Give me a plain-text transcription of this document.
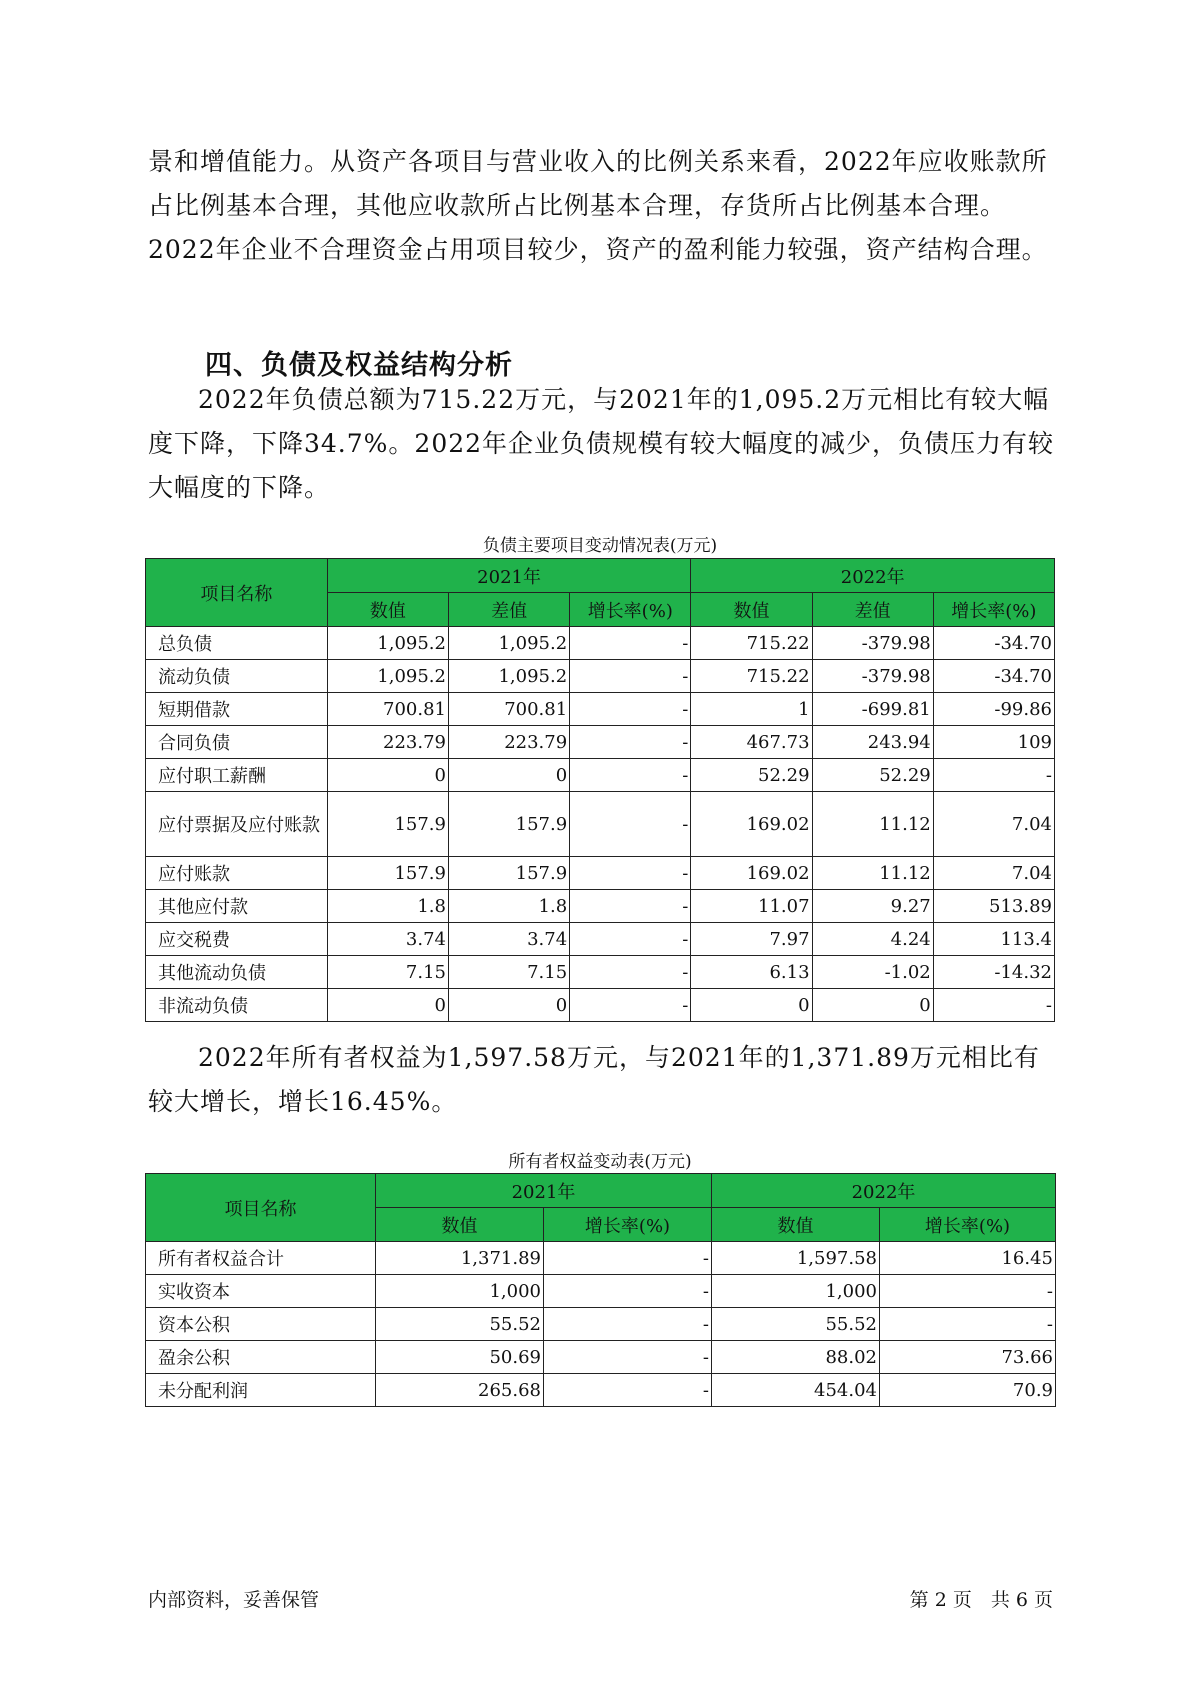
景和增值能力。从资产各项目与营业收入的比例关系来看，2022年应收账款所占比例基本合理，其他应收款所占比例基本合理，存货所占比例基本合理。2022年企业不合理资金占用项目较少，资产的盈利能力较强，资产结构合理。

四、负债及权益结构分析

2022年负债总额为715.22万元，与2021年的1,095.2万元相比有较大幅度下降，下降34.7%。2022年企业负债规模有较大幅度的减少，负债压力有较大幅度的下降。

负债主要项目变动情况表(万元)
项目名称	2021年			2022年		
	数值	差值	增长率(%)	数值	差值	增长率(%)
总负债	1,095.2	1,095.2	-	715.22	-379.98	-34.70
流动负债	1,095.2	1,095.2	-	715.22	-379.98	-34.70
短期借款	700.81	700.81	-	1	-699.81	-99.86
合同负债	223.79	223.79	-	467.73	243.94	109
应付职工薪酬	0	0	-	52.29	52.29	-
应付票据及应付账款	157.9	157.9	-	169.02	11.12	7.04
应付账款	157.9	157.9	-	169.02	11.12	7.04
其他应付款	1.8	1.8	-	11.07	9.27	513.89
应交税费	3.74	3.74	-	7.97	4.24	113.4
其他流动负债	7.15	7.15	-	6.13	-1.02	-14.32
非流动负债	0	0	-	0	0	-

2022年所有者权益为1,597.58万元，与2021年的1,371.89万元相比有较大增长，增长16.45%。

所有者权益变动表(万元)
项目名称	2021年		2022年	
	数值	增长率(%)	数值	增长率(%)
所有者权益合计	1,371.89	-	1,597.58	16.45
实收资本	1,000	-	1,000	-
资本公积	55.52	-	55.52	-
盈余公积	50.69	-	88.02	73.66
未分配利润	265.68	-	454.04	70.9
内部资料，妥善保管	第 2 页　共 6 页
